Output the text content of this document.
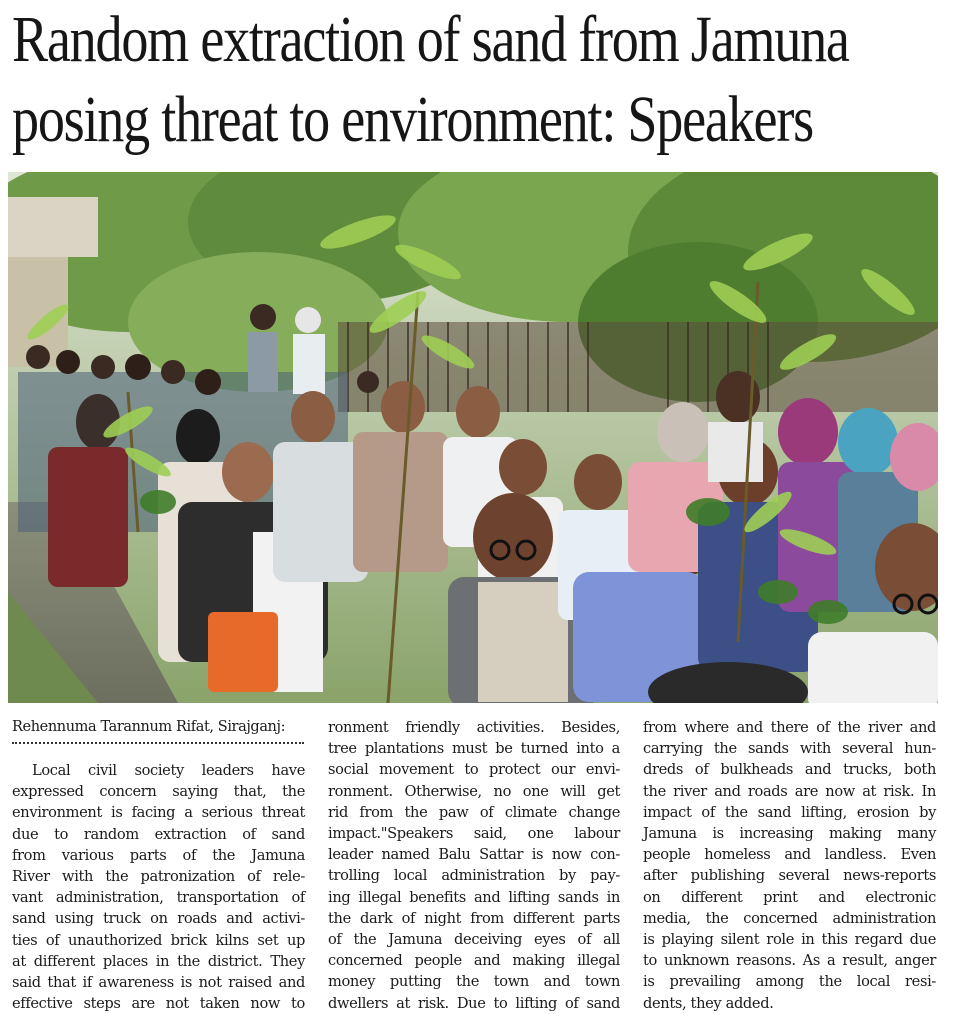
Random extraction of sand from Jamuna
posing threat to environment: Speakers
Rehennuma Tarannum Rifat, Sirajganj:
Local civil society leaders have
expressed concern saying that, the
environment is facing a serious threat
due to random extraction of sand
from various parts of the Jamuna
River with the patronization of rele-
vant administration, transportation of
sand using truck on roads and activi-
ties of unauthorized brick kilns set up
at different places in the district. They
said that if awareness is not raised and
effective steps are not taken now to
ronment friendly activities. Besides,
tree plantations must be turned into a
social movement to protect our envi-
ronment. Otherwise, no one will get
rid from the paw of climate change
impact."Speakers said, one labour
leader named Balu Sattar is now con-
trolling local administration by pay-
ing illegal benefits and lifting sands in
the dark of night from different parts
of the Jamuna deceiving eyes of all
concerned people and making illegal
money putting the town and town
dwellers at risk. Due to lifting of sand
from where and there of the river and
carrying the sands with several hun-
dreds of bulkheads and trucks, both
the river and roads are now at risk. In
impact of the sand lifting, erosion by
Jamuna is increasing making many
people homeless and landless. Even
after publishing several news-reports
on different print and electronic
media, the concerned administration
is playing silent role in this regard due
to unknown reasons. As a result, anger
is prevailing among the local resi-
dents, they added.
